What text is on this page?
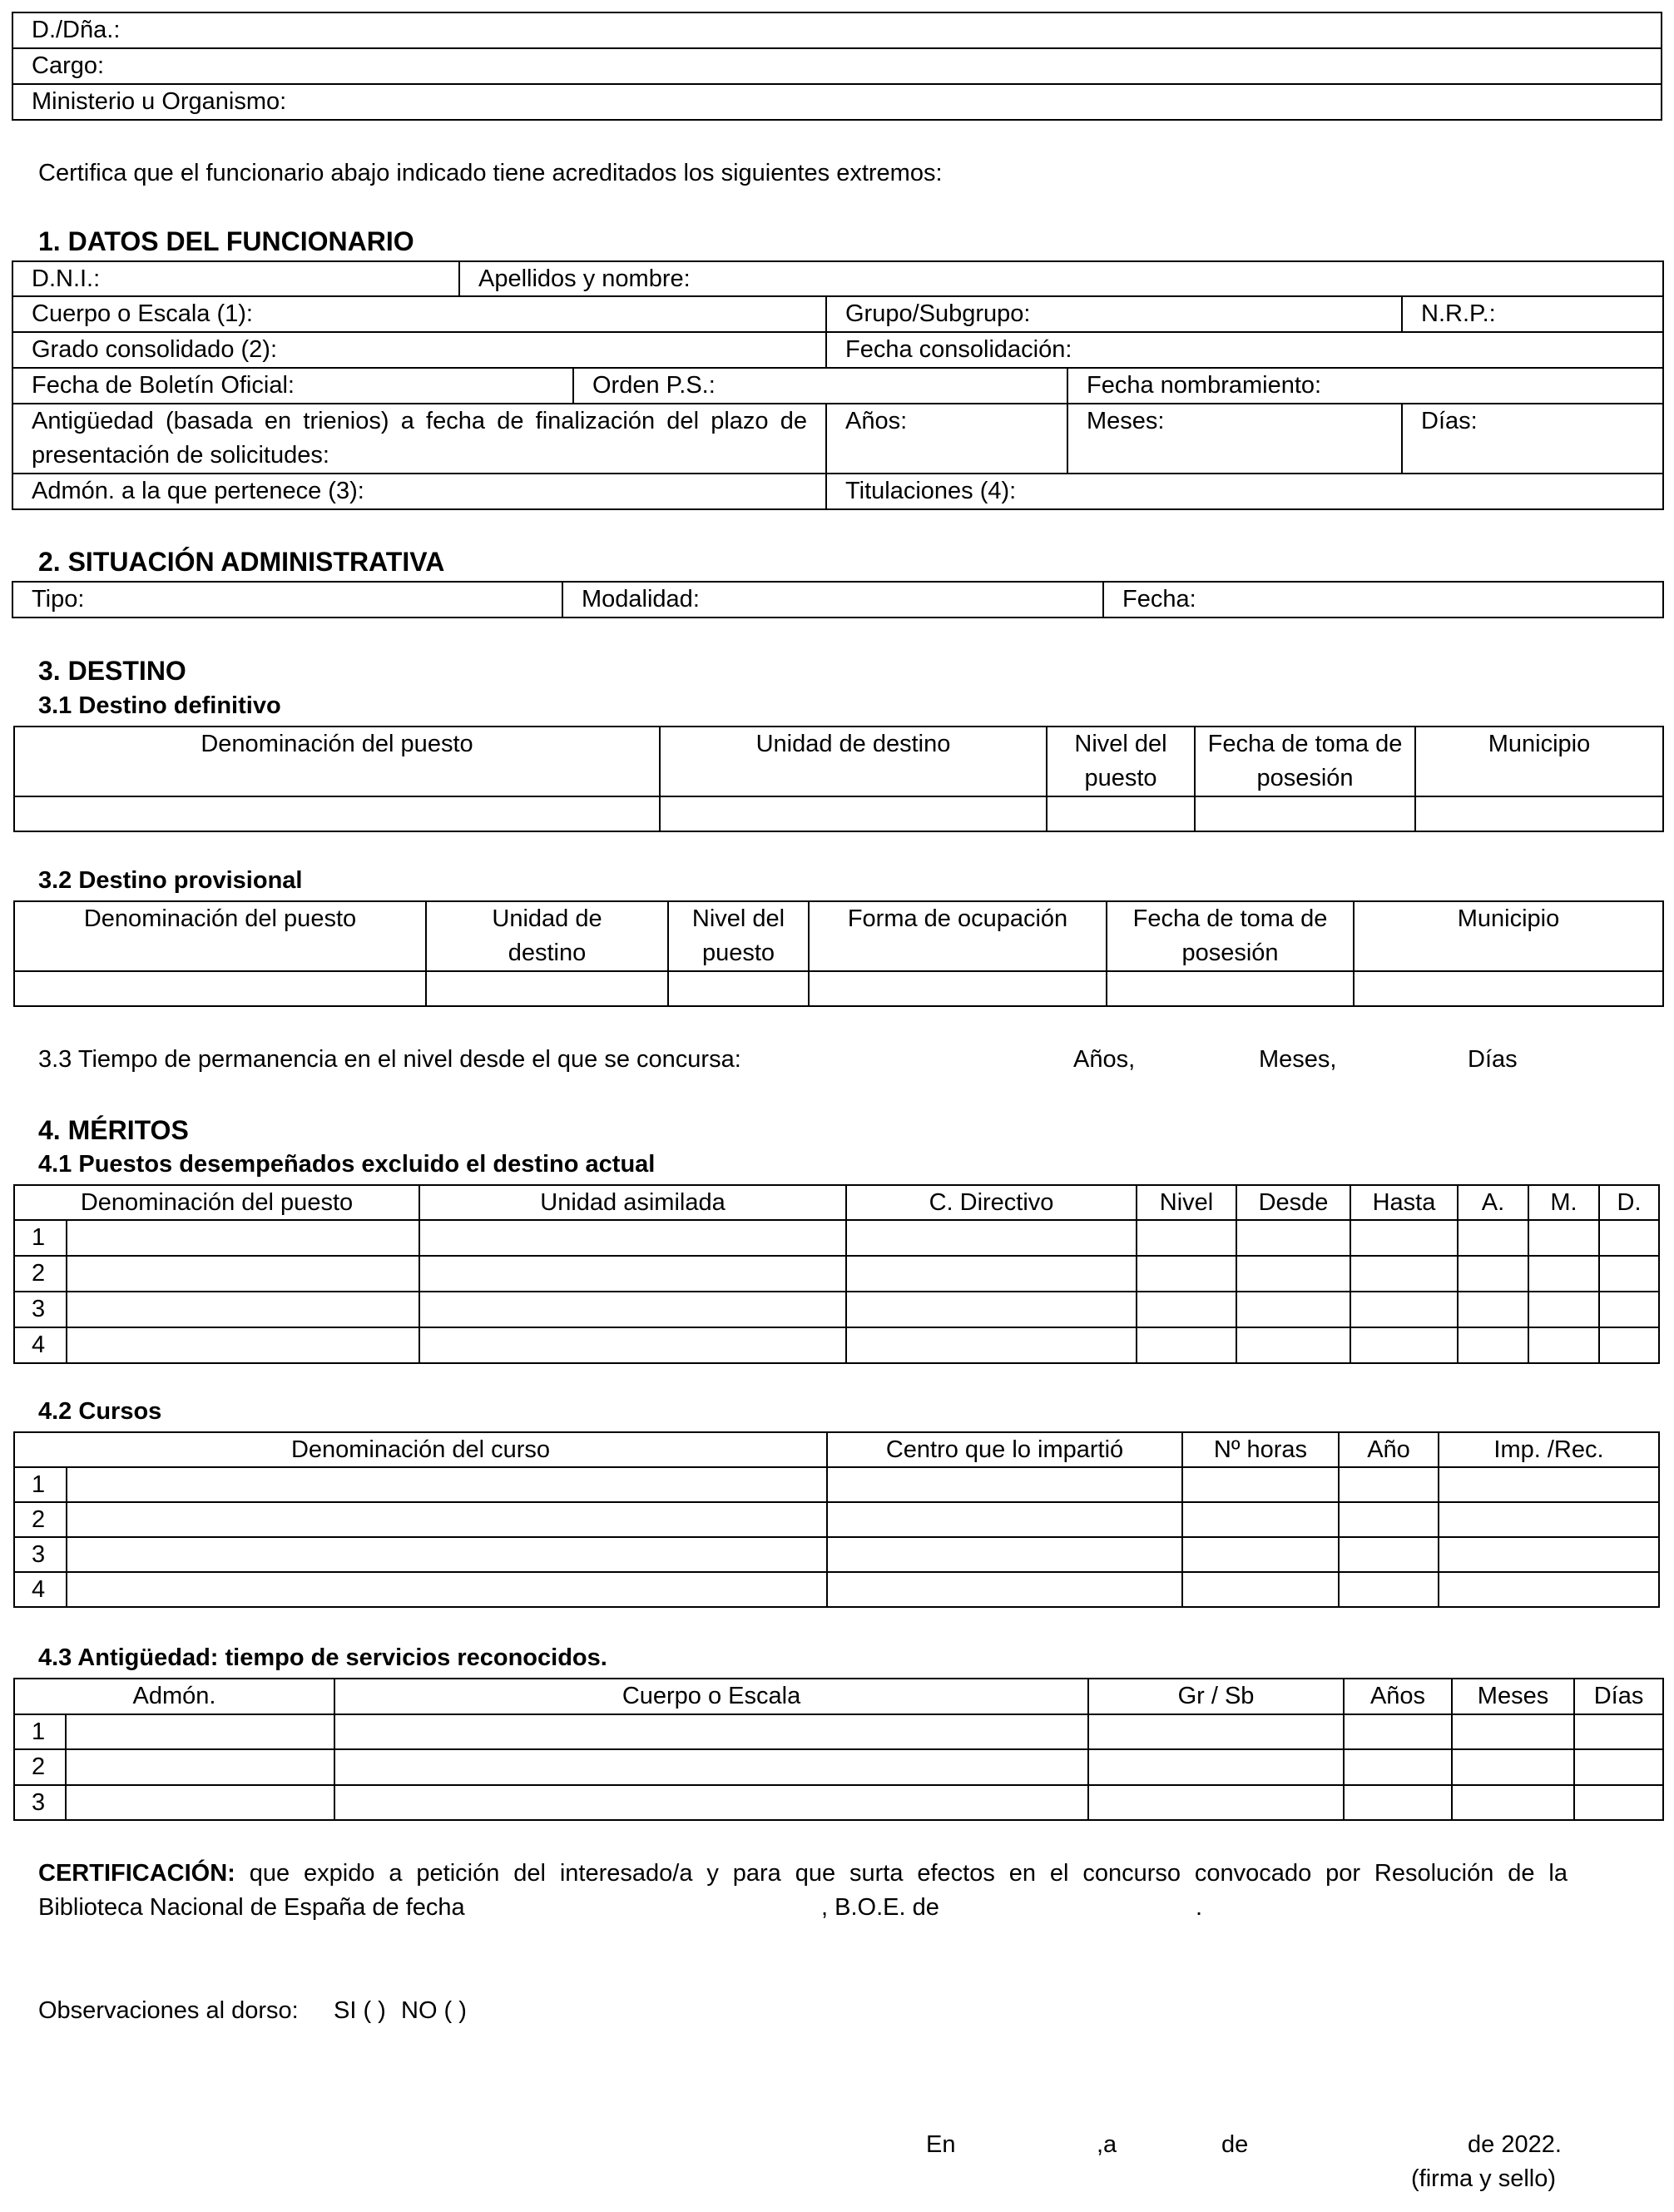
D./Dña.:
Cargo:
Ministerio u Organismo:
Certifica que el funcionario abajo indicado tiene acreditados los siguientes extremos:
1. DATOS DEL FUNCIONARIO
D.N.I.:	Apellidos y nombre:				
Cuerpo o Escala (1):			Grupo/Subgrupo:		N.R.P.:
Grado consolidado (2):			Fecha consolidación:		
Fecha de Boletín Oficial:		Orden P.S.:		Fecha nombramiento:	
Antigüedad (basada en trienios) a fecha de finalización del plazo de presentación de solicitudes:			Años:	Meses:	Días:
Admón. a la que pertenece (3):			Titulaciones (4):		
2. SITUACIÓN ADMINISTRATIVA
Tipo:	Modalidad:	Fecha:
3. DESTINO
3.1 Destino definitivo
Denominación del puesto	Unidad de destino	Nivel del puesto	Fecha de toma de posesión	Municipio

3.2 Destino provisional
Denominación del puesto	Unidad de destino	Nivel del puesto	Forma de ocupación	Fecha de toma de posesión	Municipio

3.3 Tiempo de permanencia en el nivel desde el que se concursa:	Años,	Meses,	Días
4. MÉRITOS
4.1 Puestos desempeñados excluido el destino actual
Denominación del puesto		Unidad asimilada	C. Directivo	Nivel	Desde	Hasta	A.	M.	D.
1									
2									
3									
4									
4.2 Cursos
Denominación del curso		Centro que lo impartió	Nº horas	Año	Imp. /Rec.
1					
2					
3					
4					
4.3 Antigüedad: tiempo de servicios reconocidos.
Admón.		Cuerpo o Escala	Gr / Sb	Años	Meses	Días
1						
2						
3						
CERTIFICACIÓN: que expido a petición del interesado/a y para que surta efectos en el concurso convocado por Resolución de la
Biblioteca Nacional de España de fecha	, B.O.E. de	.
Observaciones al dorso: SI ( ) NO ( )
En	,a	de	de 2022.
(firma y sello)
